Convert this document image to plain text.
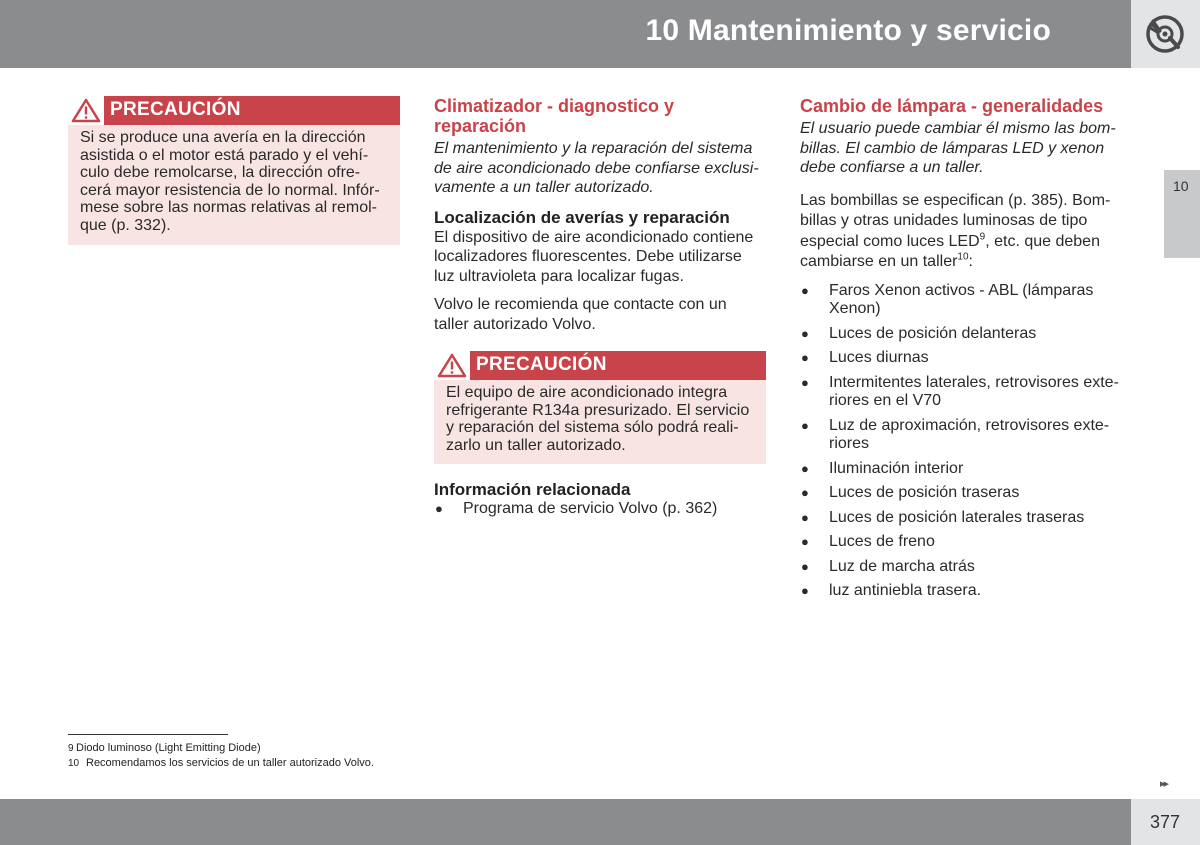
10 Mantenimiento y servicio
10
PRECAUCIÓN
Si se produce una avería en la dirección
asistida o el motor está parado y el vehí-
culo debe remolcarse, la dirección ofre-
cerá mayor resistencia de lo normal. Infór-
mese sobre las normas relativas al remol-
que (p. 332).
Climatizador - diagnostico y
reparación

El mantenimiento y la reparación del sistema
de aire acondicionado debe confiarse exclusi-
vamente a un taller autorizado.

Localización de averías y reparación

El dispositivo de aire acondicionado contiene
localizadores fluorescentes. Debe utilizarse
luz ultravioleta para localizar fugas.

Volvo le recomienda que contacte con un
taller autorizado Volvo.

PRECAUCIÓN
El equipo de aire acondicionado integra
refrigerante R134a presurizado. El servicio
y reparación del sistema sólo podrá reali-
zarlo un taller autorizado.
Información relacionada
● Programa de servicio Volvo (p. 362)
Cambio de lámpara - generalidades

El usuario puede cambiar él mismo las bom-
billas. El cambio de lámparas LED y xenon
debe confiarse a un taller.

Las bombillas se especifican (p. 385). Bom-
billas y otras unidades luminosas de tipo
especial como luces LED$^9$, etc. que deben
cambiarse en un taller$^{10}$:

● Faros Xenon activos - ABL (lámparas
Xenon)
● Luces de posición delanteras
● Luces diurnas
● Intermitentes laterales, retrovisores exte-
riores en el V70
● Luz de aproximación, retrovisores exte-
riores
● Iluminación interior
● Luces de posición traseras
● Luces de posición laterales traseras
● Luces de freno
● Luz de marcha atrás
● luz antiniebla trasera.
9 Diodo luminoso (Light Emitting Diode)
10 Recomendamos los servicios de un taller autorizado Volvo.
▸▸
377
